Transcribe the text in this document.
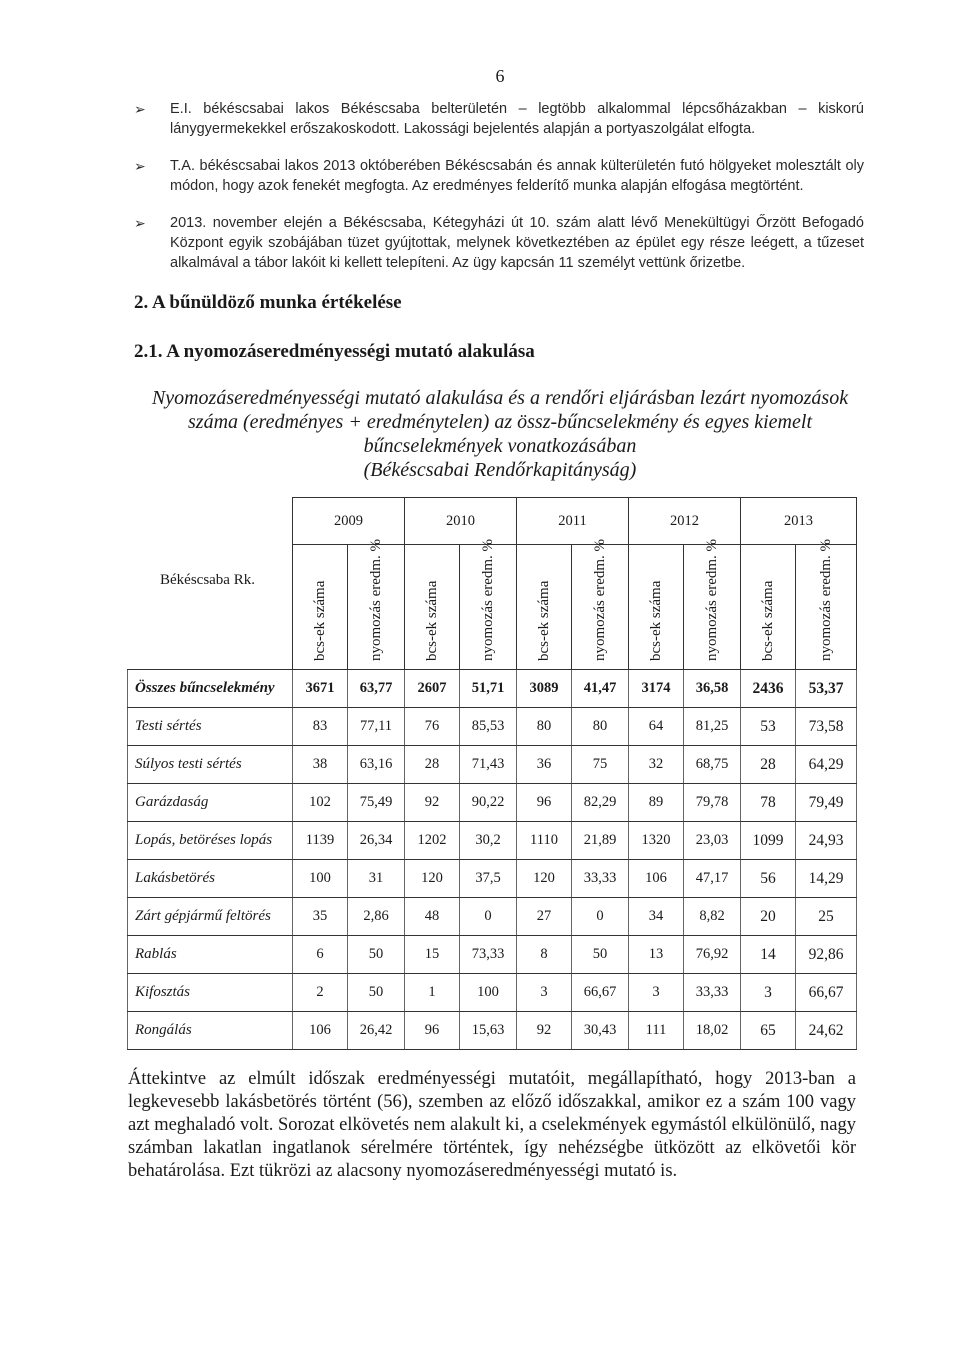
6
➢	E.I. békéscsabai lakos Békéscsaba belterületén – legtöbb alkalommal lépcsőházakban – kiskorú lánygyermekekkel erőszakoskodott. Lakossági bejelentés alapján a portyaszolgálat elfogta.
➢	T.A. békéscsabai lakos 2013 októberében Békéscsabán és annak külterületén futó hölgyeket molesztált oly módon, hogy azok fenekét megfogta. Az eredményes felderítő munka alapján elfogása megtörtént.
➢	2013. november elején a Békéscsaba, Kétegyházi út 10. szám alatt lévő Menekültügyi Őrzött Befogadó Központ egyik szobájában tüzet gyújtottak, melynek következtében az épület egy része leégett, a tűzeset alkalmával a tábor lakóit ki kellett telepíteni. Az ügy kapcsán 11 személyt vettünk őrizetbe.
2. A bűnüldöző munka értékelése
2.1. A nyomozáseredményességi mutató alakulása
Nyomozáseredményességi mutató alakulása és a rendőri eljárásban lezárt nyomozások
száma (eredményes + eredménytelen) az össz-bűncselekmény és egyes kiemelt
bűncselekmények vonatkozásában
(Békéscsabai Rendőrkapitányság)
Békéscsaba Rk.
	2009		2010		2011		2012		2013	
	bcs-ek száma	nyomozás eredm. %	bcs-ek száma	nyomozás eredm. %	bcs-ek száma	nyomozás eredm. %	bcs-ek száma	nyomozás eredm. %	bcs-ek száma	nyomozás eredm. %
Összes bűncselekmény	3671	63,77	2607	51,71	3089	41,47	3174	36,58	2436	53,37
Testi sértés	83	77,11	76	85,53	80	80	64	81,25	53	73,58
Súlyos testi sértés	38	63,16	28	71,43	36	75	32	68,75	28	64,29
Garázdaság	102	75,49	92	90,22	96	82,29	89	79,78	78	79,49
Lopás, betöréses lopás	1139	26,34	1202	30,2	1110	21,89	1320	23,03	1099	24,93
Lakásbetörés	100	31	120	37,5	120	33,33	106	47,17	56	14,29
Zárt gépjármű feltörés	35	2,86	48	0	27	0	34	8,82	20	25
Rablás	6	50	15	73,33	8	50	13	76,92	14	92,86
Kifosztás	2	50	1	100	3	66,67	3	33,33	3	66,67
Rongálás	106	26,42	96	15,63	92	30,43	111	18,02	65	24,62
Áttekintve az elmúlt időszak eredményességi mutatóit, megállapítható, hogy 2013-ban a legkevesebb lakásbetörés történt (56), szemben az előző időszakkal, amikor ez a szám 100 vagy azt meghaladó volt. Sorozat elkövetés nem alakult ki, a cselekmények egymástól elkülönülő, nagy számban lakatlan ingatlanok sérelmére történtek, így nehézségbe ütközött az elkövetői kör behatárolása. Ezt tükrözi az alacsony nyomozáseredményességi mutató is.
